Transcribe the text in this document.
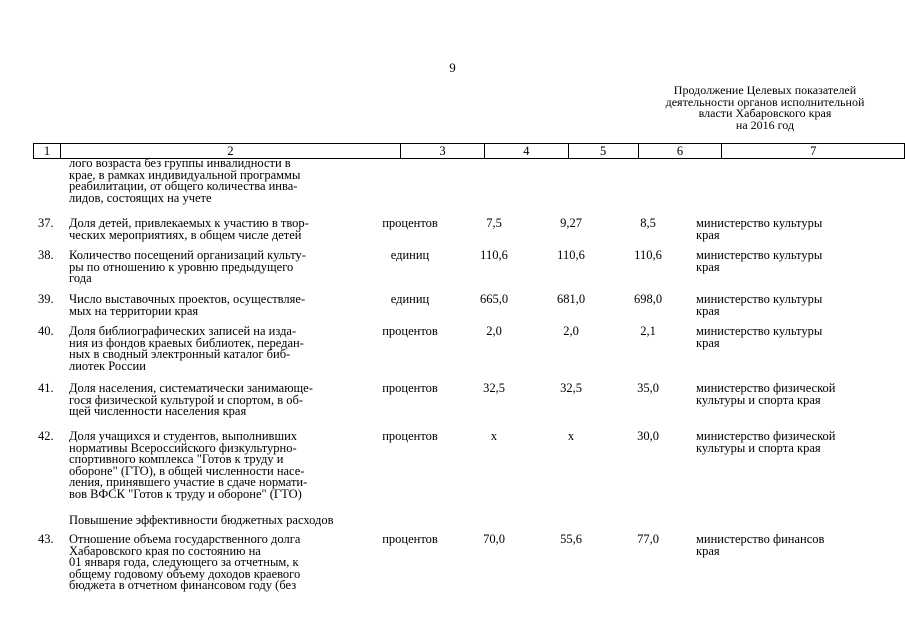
9
Продолжение Целевых показателей
деятельности органов исполнительной
власти Хабаровского края
на 2016 год
1	2	3	4	5	6	7
лого возраста без группы инвалидности в
крае, в рамках индивидуальной программы
реабилитации, от общего количества инва-
лидов, состоящих на учете
37.	Доля детей, привлекаемых к участию в твор-
ческих мероприятиях, в общем числе детей
процентов	7,5	9,27	8,5	министерство культуры
края
38.	Количество посещений организаций культу-
ры по отношению к уровню предыдущего
года
единиц	110,6	110,6	110,6	министерство культуры
края
39.	Число выставочных проектов, осуществляе-
мых на территории края
единиц	665,0	681,0	698,0	министерство культуры
края
40.	Доля библиографических записей на изда-
ния из фондов краевых библиотек, передан-
ных в сводный электронный каталог биб-
лиотек России
процентов	2,0	2,0	2,1	министерство культуры
края
41.	Доля населения, систематически занимающе-
гося физической культурой и спортом, в об-
щей численности населения края
процентов	32,5	32,5	35,0	министерство физической
культуры и спорта края
42.	Доля учащихся и студентов, выполнивших
нормативы Всероссийского физкультурно-
спортивного комплекса "Готов к труду и
обороне" (ГТО), в общей численности насе-
ления, принявшего участие в сдаче нормати-
вов ВФСК "Готов к труду и обороне" (ГТО)
процентов	x	x	30,0	министерство физической
культуры и спорта края
Повышение эффективности бюджетных расходов
43.	Отношение объема государственного долга
Хабаровского края по состоянию на
01 января года, следующего за отчетным, к
общему годовому объему доходов краевого
бюджета в отчетном финансовом году (без
процентов	70,0	55,6	77,0	министерство финансов
края
